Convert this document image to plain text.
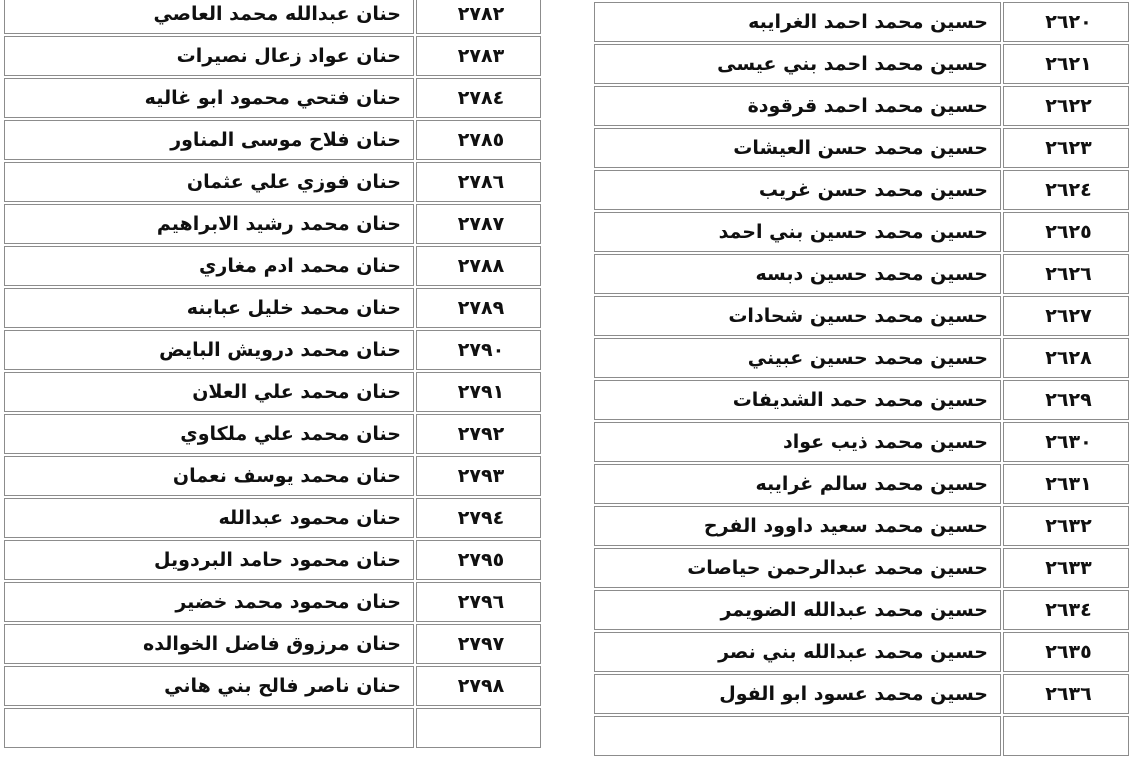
حنان عبدالله محمد العاصي	٢٧٨٢
حنان عواد زعال نصيرات	٢٧٨٣
حنان فتحي محمود ابو غاليه	٢٧٨٤
حنان فلاح موسى المناور	٢٧٨٥
حنان فوزي علي عثمان	٢٧٨٦
حنان محمد رشيد الابراهيم	٢٧٨٧
حنان محمد ادم مغاري	٢٧٨٨
حنان محمد خليل عبابنه	٢٧٨٩
حنان محمد درويش البايض	٢٧٩٠
حنان محمد علي العلان	٢٧٩١
حنان محمد علي ملكاوي	٢٧٩٢
حنان محمد يوسف نعمان	٢٧٩٣
حنان محمود عبدالله	٢٧٩٤
حنان محمود حامد البردويل	٢٧٩٥
حنان محمود محمد خضير	٢٧٩٦
حنان مرزوق فاضل الخوالده	٢٧٩٧
حنان ناصر فالح بني هاني	٢٧٩٨

حسين محمد احمد الغرايبه	٢٦٢٠
حسين محمد احمد بني عيسى	٢٦٢١
حسين محمد احمد قرقودة	٢٦٢٢
حسين محمد حسن العيشات	٢٦٢٣
حسين محمد حسن غريب	٢٦٢٤
حسين محمد حسين بني احمد	٢٦٢٥
حسين محمد حسين دبسه	٢٦٢٦
حسين محمد حسين شحادات	٢٦٢٧
حسين محمد حسين عبيني	٢٦٢٨
حسين محمد حمد الشديفات	٢٦٢٩
حسين محمد ذيب عواد	٢٦٣٠
حسين محمد سالم غرايبه	٢٦٣١
حسين محمد سعيد داوود الفرح	٢٦٣٢
حسين محمد عبدالرحمن حياصات	٢٦٣٣
حسين محمد عبدالله الضويمر	٢٦٣٤
حسين محمد عبدالله بني نصر	٢٦٣٥
حسين محمد عسود ابو الفول	٢٦٣٦
